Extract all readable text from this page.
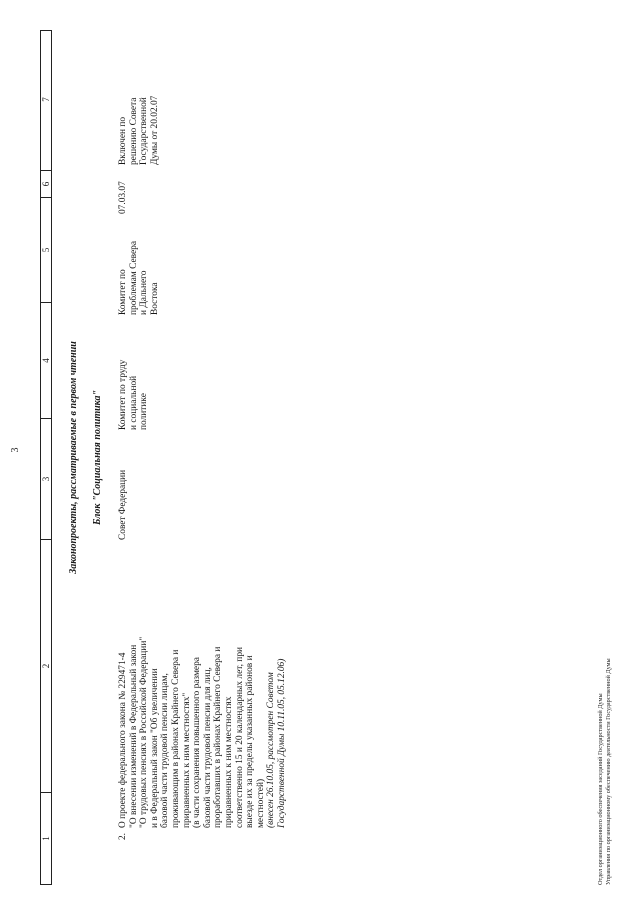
3
1
2
3
4
5
6
7
Законопроекты, рассматриваемые в первом чтении Блок "Социальная политика"
2.
О проекте федерального закона № 229471-4 "О внесении изменений в Федеральный закон "О трудовых пенсиях в Российской Федерации" и в Федеральный закон "Об увеличении базовой части трудовой пенсии лицам, проживающим в районах Крайнего Севера и приравненных к ним местностях" (в части сохранения повышенного размера базовой части трудовой пенсии для лиц, проработавших в районах Крайнего Севера и приравненных к ним местностях соответственно 15 и 20 календарных лет, при выезде их за пределы указанных районов и местностей) (внесен 26.10.05, рассмотрен Советом Государственной Думы 10.11.05, 05.12.06)
Совет Федерации
Комитет по труду и социальной политике
Комитет по проблемам Севера и Дальнего Востока
07.03.07
Включен по решению Совета Государственной Думы от 20.02.07
Отдел организационного обеспечения заседаний Государственной Думы Управления по организационному обеспечению деятельности Государственной Думы
